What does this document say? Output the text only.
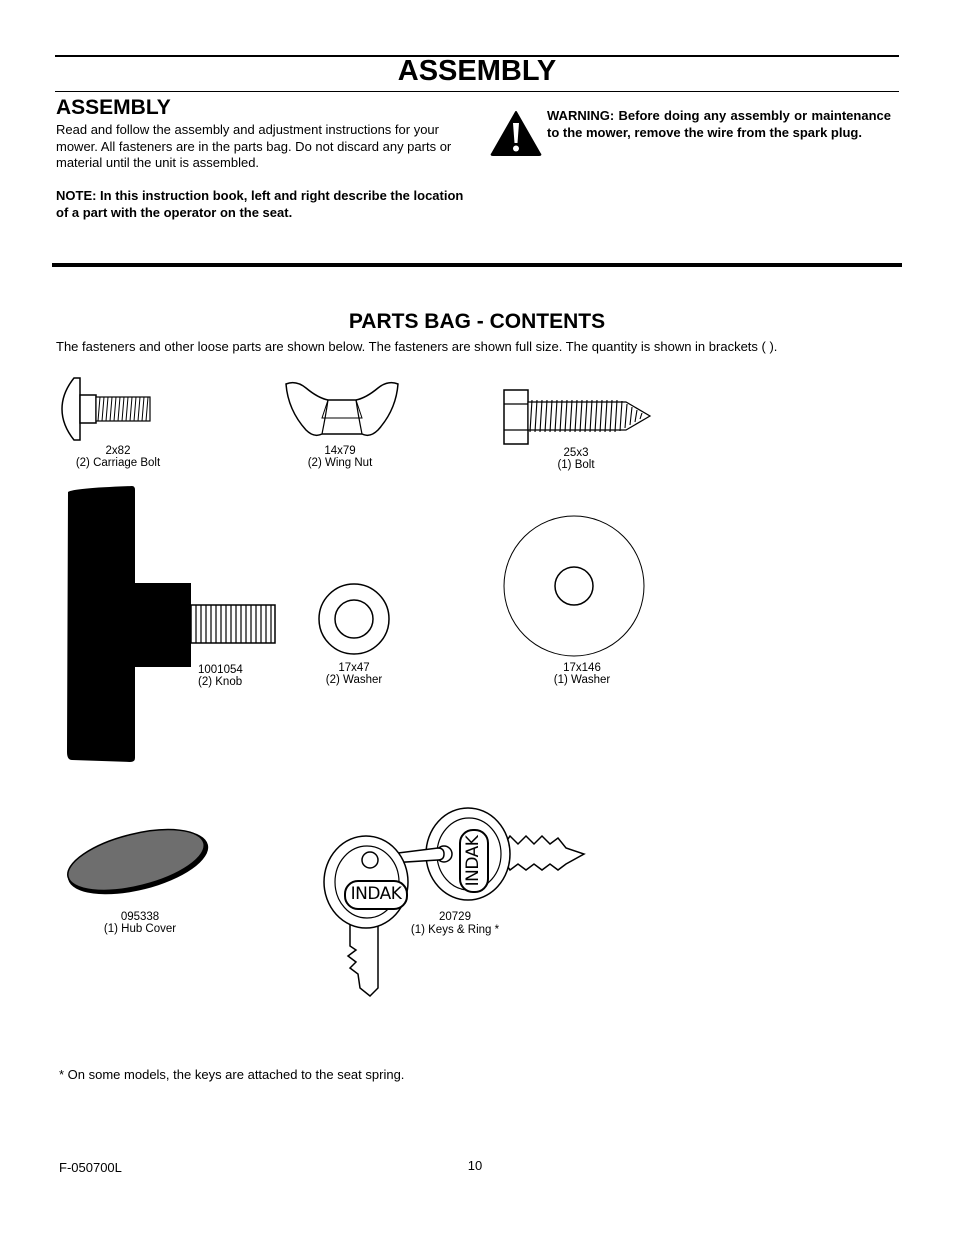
ASSEMBLY
ASSEMBLY
Read and follow the assembly and adjustment instructions for your mower. All fasteners are in the parts bag. Do not discard any parts or material until the unit is assembled.
NOTE: In this instruction book, left and right describe the location of a part with the operator on the seat.
WARNING: Before doing any assembly or maintenance to the mower, remove the wire from the spark plug.
PARTS BAG - CONTENTS
The fasteners and other loose parts are shown below. The fasteners are shown full size. The quantity is shown in brackets ( ).
2x82
(2) Carriage Bolt
14x79
(2) Wing Nut
25x3
(1) Bolt
1001054
(2) Knob
17x47
(2) Washer
17x146
(1) Washer
095338
(1) Hub Cover
INDAK
INDAK
20729
(1) Keys & Ring *
* On some models, the keys are attached to the seat spring.
F-050700L	10
